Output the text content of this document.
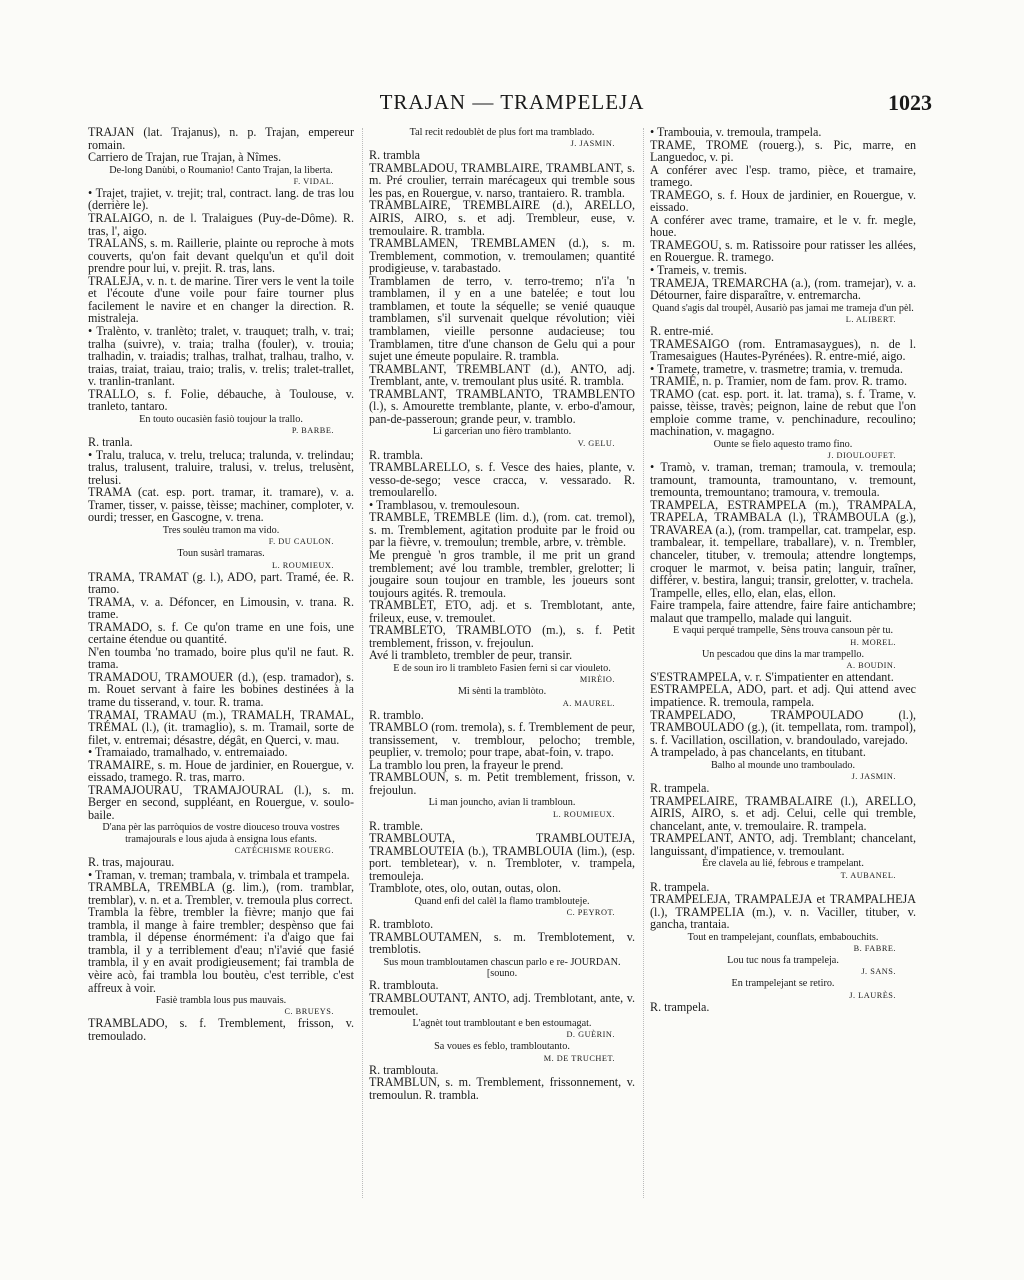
TRAJAN — TRAMPELEJA	1023

TRAJAN (lat. Trajanus), n. p. Trajan, empereur romain.

Carriero de Trajan, rue Trajan, à Nîmes.

De-long Danùbi, o Roumanìo! Canto Trajan, la liberta.

F. VIDAL.

• Trajet, trajiet, v. trejit; tral, contract. lang. de tras lou (derrière le).

TRALAIGO, n. de l. Tralaigues (Puy-de-Dôme). R. tras, l', aigo.

TRALANS, s. m. Raillerie, plainte ou reproche à mots couverts, qu'on fait devant quelqu'un et qu'il doit prendre pour lui, v. prejit. R. tras, lans.

TRALEJA, v. n. t. de marine. Tirer vers le vent la toile et l'écoute d'une voile pour faire tourner plus facilement le navire et en changer la direction. R. mistraleja.

• Tralènto, v. tranlèto; tralet, v. trauquet; tralh, v. trai; tralha (suivre), v. traia; tralha (fouler), v. trouia; tralhadin, v. traiadis; tralhas, tralhat, tralhau, tralho, v. traias, traiat, traiau, traio; tralis, v. trelis; tralet-trallet, v. tranlin-tranlant.

TRALLO, s. f. Folie, débauche, à Toulouse, v. tranleto, tantaro.

En touto oucasièn fasiò toujour la trallo.

P. BARBE.

R. tranla.

• Tralu, traluca, v. trelu, treluca; tralunda, v. trelindau; tralus, tralusent, traluire, tralusi, v. trelus, trelusènt, trelusi.

TRAMA (cat. esp. port. tramar, it. tramare), v. a. Tramer, tisser, v. paisse, tèisse; machiner, comploter, v. ourdi; tresser, en Gascogne, v. trena.

Tres soulèu tramon ma vido.

F. DU CAULON.

Toun susàrl tramaras.

L. ROUMIEUX.

TRAMA, TRAMAT (g. l.), ADO, part. Tramé, ée. R. tramo.

TRAMA, v. a. Défoncer, en Limousin, v. trana. R. trame.

TRAMADO, s. f. Ce qu'on trame en une fois, une certaine étendue ou quantité.

N'en toumba 'no tramado, boire plus qu'il ne faut. R. trama.

TRAMADOU, TRAMOUER (d.), (esp. tramador), s. m. Rouet servant à faire les bobines destinées à la trame du tisserand, v. tour. R. trama.

TRAMAI, TRAMAU (m.), TRAMALH, TRAMAL, TRÉMAL (l.), (it. tramaglio), s. m. Tramail, sorte de filet, v. entremai; désastre, dégât, en Querci, v. mau.

• Tramaiado, tramalhado, v. entremaiado.

TRAMAIRE, s. m. Houe de jardinier, en Rouergue, v. eissado, tramego. R. tras, marro.

TRAMAJOURAU, TRAMAJOURAL (l.), s. m. Berger en second, suppléant, en Rouergue, v. soulo-baile.

D'ana pèr las parròquios de vostre diouceso trouva vostres tramajourals e lous ajuda à ensigna lous efants.

CATÉCHISME ROUERG.

R. tras, majourau.

• Traman, v. treman; trambala, v. trimbala et trampela.

TRAMBLA, TREMBLA (g. lim.), (rom. tramblar, tremblar), v. n. et a. Trembler, v. tremoula plus correct.

Trambla la fèbre, trembler la fièvre; manjo que fai trambla, il mange à faire trembler; despènso que fai trambla, il dépense énormément: i'a d'aigo que fai trambla, il y a terriblement d'eau; n'i'avié que fasié trambla, il y en avait prodigieusement; fai trambla de vèire acò, fai trambla lou boutèu, c'est terrible, c'est affreux à voir.

Fasiè trambla lous pus mauvais.

C. BRUEYS.

TRAMBLADO, s. f. Tremblement, frisson, v. tremoulado.

Tal recit redoublèt de plus fort ma tramblado.

J. JASMIN.

R. trambla

TRAMBLADOU, TRAMBLAIRE, TRAMBLANT, s. m. Pré croulier, terrain marécageux qui tremble sous les pas, en Rouergue, v. narso, trantaiero. R. trambla.

TRAMBLAIRE, TREMBLAIRE (d.), ARELLO, AIRIS, AIRO, s. et adj. Trembleur, euse, v. tremoulaire. R. trambla.

TRAMBLAMEN, TREMBLAMEN (d.), s. m. Tremblement, commotion, v. tremoulamen; quantité prodigieuse, v. tarabastado.

Tramblamen de terro, v. terro-tremo; n'i'a 'n tramblamen, il y en a une batelée; e tout lou tramblamen, et toute la séquelle; se venié quauque tramblamen, s'il survenait quelque révolution; vièi tramblamen, vieille personne audacieuse; tou Tramblamen, titre d'une chanson de Gelu qui a pour sujet une émeute populaire. R. trambla.

TRAMBLANT, TREMBLANT (d.), ANTO, adj. Tremblant, ante, v. tremoulant plus usité. R. trambla.

TRAMBLANT, TRAMBLANTO, TRAMBLENTO (l.), s. Amourette tremblante, plante, v. erbo-d'amour, pan-de-passeroun; grande peur, v. tramblo.

Li garcerian uno fièro tramblanto.

V. GELU.

R. trambla.

TRAMBLARELLO, s. f. Vesce des haies, plante, v. vesso-de-sego; vesce cracca, v. vessarado. R. tremoularello.

• Tramblasou, v. tremoulesoun.

TRAMBLE, TREMBLE (lim. d.), (rom. cat. tremol), s. m. Tremblement, agitation produite par le froid ou par la fièvre, v. tremoulun; tremble, arbre, v. trèmble.

Me prenguè 'n gros tramble, il me prit un grand tremblement; avé lou tramble, trembler, grelotter; li jougaire soun toujour en tramble, les joueurs sont toujours agités. R. tremoula.

TRAMBLET, ETO, adj. et s. Tremblotant, ante, frileux, euse, v. tremoulet.

TRAMBLETO, TRAMBLOTO (m.), s. f. Petit tremblement, frisson, v. frejoulun.

Avé li trambleto, trembler de peur, transir.

E de soun iro li trambleto Fasien fernì si car vìouleto.

MIRÈIO.

Mi sènti la tramblòto.

A. MAUREL.

R. tramblo.

TRAMBLO (rom. tremola), s. f. Tremblement de peur, transissement, v. tremblour, pelocho; tremble, peuplier, v. tremolo; pour trape, abat-foin, v. trapo.

La tramblo lou pren, la frayeur le prend.

TRAMBLOUN, s. m. Petit tremblement, frisson, v. frejoulun.

Li man jouncho, avian li trambloun.

L. ROUMIEUX.

R. tramble.

TRAMBLOUTA, TRAMBLOUTEJA, TRAMBLOUTEIA (b.), TRAMBLOUIA (lim.), (esp. port. tembletear), v. n. Trembloter, v. trampela, tremouleja.

Tramblote, otes, olo, outan, outas, olon.

Quand enfi del calèl la flamo tramblouteje.

C. PEYROT.

R. trambloto.

TRAMBLOUTAMEN, s. m. Tremblotement, v. tremblotis.

Sus moun trambloutamen chascun parlo e re- JOURDAN. [souno.

R. tramblouta.

TRAMBLOUTANT, ANTO, adj. Tremblotant, ante, v. tremoulet.

L'agnèt tout trambloutant e ben estoumagat.

D. GUÈRIN.

Sa voues es feblo, trambloutanto.

M. DE TRUCHET.

R. tramblouta.

TRAMBLUN, s. m. Tremblement, frissonnement, v. tremoulun. R. trambla.

• Trambouia, v. tremoula, trampela.

TRAME, TROME (rouerg.), s. Pic, marre, en Languedoc, v. pi.

A conférer avec l'esp. tramo, pièce, et tramaire, tramego.

TRAMEGO, s. f. Houx de jardinier, en Rouergue, v. eissado.

A conférer avec trame, tramaire, et le v. fr. megle, houe.

TRAMEGOU, s. m. Ratissoire pour ratisser les allées, en Rouergue. R. tramego.

• Trameis, v. tremis.

TRAMEJA, TREMARCHA (a.), (rom. tramejar), v. a. Détourner, faire disparaître, v. entremarcha.

Quand s'agis dal troupèl, Ausariò pas jamai me trameja d'un pèl.

L. ALIBERT.

R. entre-mié.

TRAMESAIGO (rom. Entramasaygues), n. de l. Tramesaigues (Hautes-Pyrénées). R. entre-mié, aigo.

• Tramete, trametre, v. trasmetre; tramia, v. tremuda.

TRAMIÉ, n. p. Tramier, nom de fam. prov. R. tramo.

TRAMO (cat. esp. port. it. lat. trama), s. f. Trame, v. paisse, tèisse, travès; peignon, laine de rebut que l'on emploie comme trame, v. penchinadure, recoulino; machination, v. magagno.

Ounte se fielo aquesto tramo fino.

J. DIOULOUFET.

• Tramò, v. traman, treman; tramoula, v. tremoula; tramount, tramounta, tramountano, v. tremount, tremounta, tremountano; tramoura, v. tremoula.

TRAMPELA, ESTRAMPELA (m.), TRAMPALA, TRAPELA, TRAMBALA (l.), TRAMBOULA (g.), TRAVAREA (a.), (rom. trampellar, cat. trampelar, esp. trambalear, it. tempellare, traballare), v. n. Trembler, chanceler, tituber, v. tremoula; attendre longtemps, croquer le marmot, v. beisa patin; languir, traîner, différer, v. bestira, langui; transir, grelotter, v. trachela.

Trampelle, elles, ello, elan, elas, ellon.

Faire trampela, faire attendre, faire faire antichambre; malaut que trampello, malade qui languit.

E vaqui perqué trampelle, Sèns trouva cansoun pèr tu.

H. MOREL.

Un pescadou que dins la mar trampello.

A. BOUDIN.

S'ESTRAMPELA, v. r. S'impatienter en attendant.

ESTRAMPELA, ADO, part. et adj. Qui attend avec impatience. R. tremoula, rampela.

TRAMPELADO, TRAMPOULADO (l.), TRAMBOULADO (g.), (it. tempellata, rom. trampol), s. f. Vacillation, oscillation, v. brandoulado, varejado.

A trampelado, à pas chancelants, en titubant.

Balho al mounde uno tramboulado.

J. JASMIN.

R. trampela.

TRAMPELAIRE, TRAMBALAIRE (l.), ARELLO, AIRIS, AIRO, s. et adj. Celui, celle qui tremble, chancelant, ante, v. tremoulaire. R. trampela.

TRAMPELANT, ANTO, adj. Tremblant; chancelant, languissant, d'impatience, v. tremoulant.

Ère clavela au lié, febrous e trampelant.

T. AUBANEL.

R. trampela.

TRAMPELEJA, TRAMPALEJA et TRAMPALHEJA (l.), TRAMPELIA (m.), v. n. Vaciller, tituber, v. gancha, trantaia.

Tout en trampelejant, counflats, embabouchits.

B. FABRE.

Lou tuc nous fa trampeleja.

J. SANS.

En trampelejant se retiro.

J. LAURÈS.

R. trampela.
